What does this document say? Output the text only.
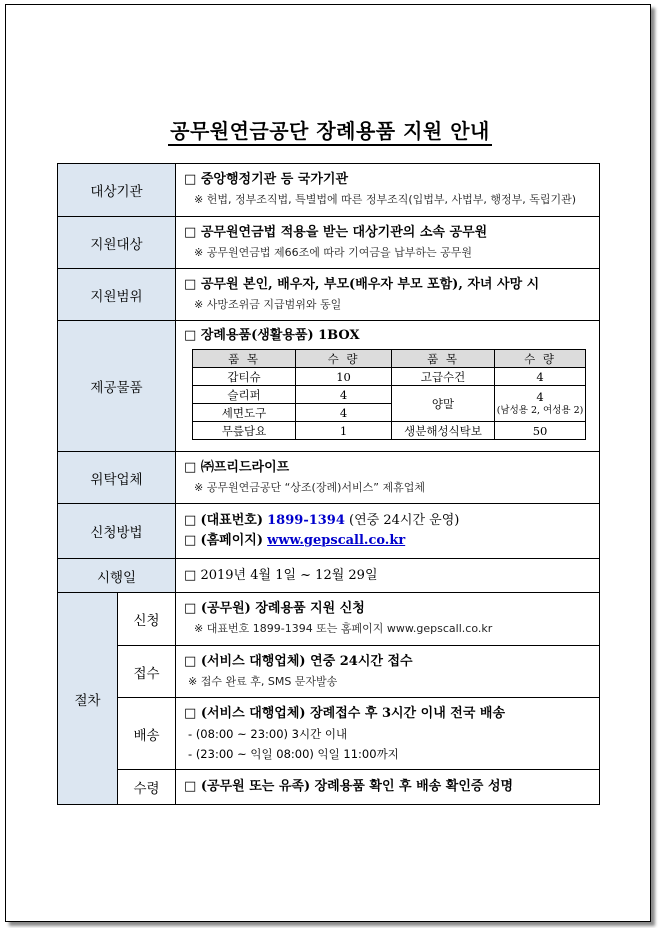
공무원연금공단 장례용품 지원 안내
대상기관	
□ 중앙행정기관 등 국가기관
※ 헌법, 정부조직법, 특별법에 따른 정부조직(입법부, 사법부, 행정부, 독립기관)

지원대상	
□ 공무원연금법 적용을 받는 대상기관의 소속 공무원
※ 공무원연금법 제66조에 따라 기여금을 납부하는 공무원

지원범위	
□ 공무원 본인, 배우자, 부모(배우자 부모 포함), 자녀 사망 시
※ 사망조위금 지급범위와 동일

제공물품	
□ 장례용품(생활용품) 1BOX
품 목	수 량	품 목	수 량
갑티슈	10	고급수건	4
슬리퍼	4	양말	4
(남성용 2, 여성용 2)

세면도구	4
무릎담요	1	생분해성식탁보	50

위탁업체	
□ ㈜프리드라이프
※ 공무원연금공단 “상조(장례)서비스” 제휴업체

신청방법	
□ (대표번호) 1899-1394 (연중 24시간 운영)
□ (홈페이지) www.gepscall.co.kr

시행일	□ 2019년 4월 1일 ~ 12월 29일

절차	신청	
□ (공무원) 장례용품 지원 신청
※ 대표번호 1899-1394 또는 홈페이지 www.gepscall.co.kr

접수	
□ (서비스 대행업체) 연중 24시간 접수
※ 접수 완료 후, SMS 문자발송

배송	
□ (서비스 대행업체) 장례접수 후 3시간 이내 전국 배송
- (08:00 ~ 23:00) 3시간 이내
- (23:00 ~ 익일 08:00) 익일 11:00까지

수령	□ (공무원 또는 유족) 장례용품 확인 후 배송 확인증 성명
